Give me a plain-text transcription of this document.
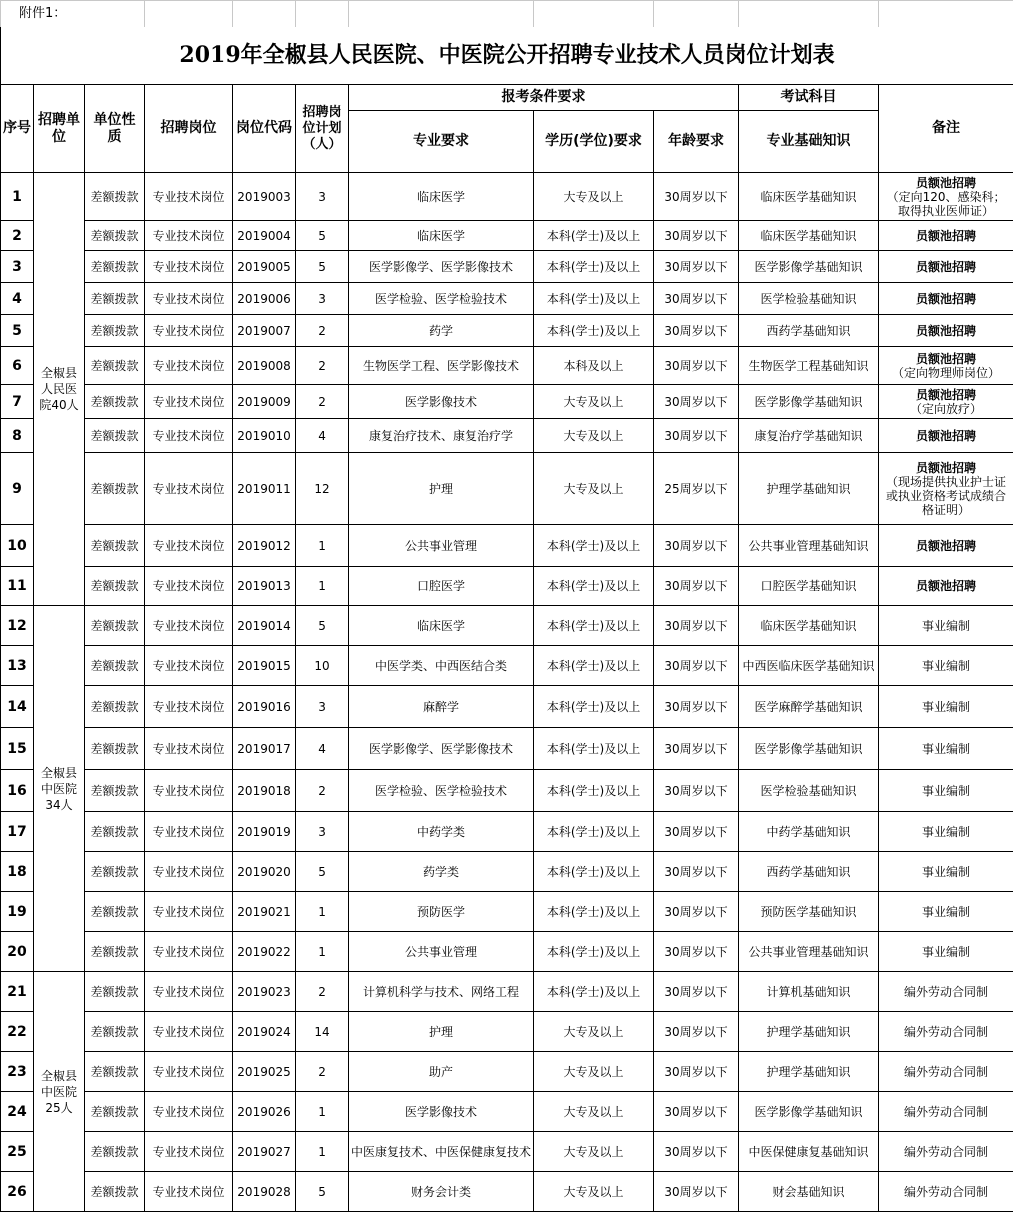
附件1：										
2019年全椒县人民医院、中医院公开招聘专业技术人员岗位计划表										
序号	招聘单位	单位性质	招聘岗位	岗位代码	招聘岗位计划（人）	报考条件要求			考试科目	备注
						专业要求	学历(学位)要求	年龄要求	专业基础知识	
1	全椒县人民医院40人	差额拨款	专业技术岗位	2019003	3	临床医学	大专及以上	30周岁以下	临床医学基础知识	员额池招聘
（定向120、感染科；取得执业医师证）

2		差额拨款	专业技术岗位	2019004	5	临床医学	本科(学士)及以上	30周岁以下	临床医学基础知识	员额池招聘

3		差额拨款	专业技术岗位	2019005	5	医学影像学、医学影像技术	本科(学士)及以上	30周岁以下	医学影像学基础知识	员额池招聘

4		差额拨款	专业技术岗位	2019006	3	医学检验、医学检验技术	本科(学士)及以上	30周岁以下	医学检验基础知识	员额池招聘

5		差额拨款	专业技术岗位	2019007	2	药学	本科(学士)及以上	30周岁以下	西药学基础知识	员额池招聘

6		差额拨款	专业技术岗位	2019008	2	生物医学工程、医学影像技术	本科及以上	30周岁以下	生物医学工程基础知识	员额池招聘
（定向物理师岗位）

7		差额拨款	专业技术岗位	2019009	2	医学影像技术	大专及以上	30周岁以下	医学影像学基础知识	员额池招聘
（定向放疗）

8		差额拨款	专业技术岗位	2019010	4	康复治疗技术、康复治疗学	大专及以上	30周岁以下	康复治疗学基础知识	员额池招聘

9		差额拨款	专业技术岗位	2019011	12	护理	大专及以上	25周岁以下	护理学基础知识	员额池招聘
（现场提供执业护士证或执业资格考试成绩合格证明）

10		差额拨款	专业技术岗位	2019012	1	公共事业管理	本科(学士)及以上	30周岁以下	公共事业管理基础知识	员额池招聘

11		差额拨款	专业技术岗位	2019013	1	口腔医学	本科(学士)及以上	30周岁以下	口腔医学基础知识	员额池招聘

12	全椒县中医院34人	差额拨款	专业技术岗位	2019014	5	临床医学	本科(学士)及以上	30周岁以下	临床医学基础知识	事业编制

13		差额拨款	专业技术岗位	2019015	10	中医学类、中西医结合类	本科(学士)及以上	30周岁以下	中西医临床医学基础知识	事业编制

14		差额拨款	专业技术岗位	2019016	3	麻醉学	本科(学士)及以上	30周岁以下	医学麻醉学基础知识	事业编制

15		差额拨款	专业技术岗位	2019017	4	医学影像学、医学影像技术	本科(学士)及以上	30周岁以下	医学影像学基础知识	事业编制

16		差额拨款	专业技术岗位	2019018	2	医学检验、医学检验技术	本科(学士)及以上	30周岁以下	医学检验基础知识	事业编制

17		差额拨款	专业技术岗位	2019019	3	中药学类	本科(学士)及以上	30周岁以下	中药学基础知识	事业编制

18		差额拨款	专业技术岗位	2019020	5	药学类	本科(学士)及以上	30周岁以下	西药学基础知识	事业编制

19		差额拨款	专业技术岗位	2019021	1	预防医学	本科(学士)及以上	30周岁以下	预防医学基础知识	事业编制

20		差额拨款	专业技术岗位	2019022	1	公共事业管理	本科(学士)及以上	30周岁以下	公共事业管理基础知识	事业编制

21	全椒县中医院25人	差额拨款	专业技术岗位	2019023	2	计算机科学与技术、网络工程	本科(学士)及以上	30周岁以下	计算机基础知识	编外劳动合同制

22		差额拨款	专业技术岗位	2019024	14	护理	大专及以上	30周岁以下	护理学基础知识	编外劳动合同制

23		差额拨款	专业技术岗位	2019025	2	助产	大专及以上	30周岁以下	护理学基础知识	编外劳动合同制

24		差额拨款	专业技术岗位	2019026	1	医学影像技术	大专及以上	30周岁以下	医学影像学基础知识	编外劳动合同制

25		差额拨款	专业技术岗位	2019027	1	中医康复技术、中医保健康复技术	大专及以上	30周岁以下	中医保健康复基础知识	编外劳动合同制

26		差额拨款	专业技术岗位	2019028	5	财务会计类	大专及以上	30周岁以下	财会基础知识	编外劳动合同制
